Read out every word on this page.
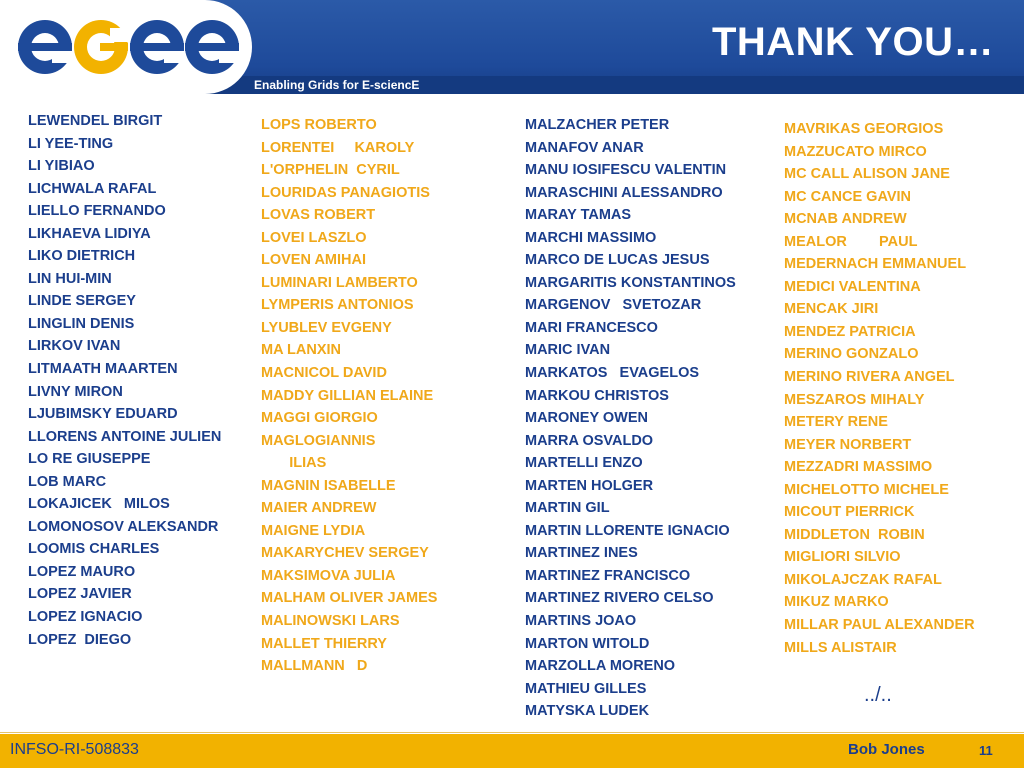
Enabling Grids for E-sciencE
THANK YOU…
LEWENDEL BIRGIT
LI YEE-TING
LI YIBIAO
LICHWALA RAFAL
LIELLO FERNANDO
LIKHAEVA LIDIYA
LIKO DIETRICH
LIN HUI-MIN
LINDE SERGEY
LINGLIN DENIS
LIRKOV IVAN
LITMAATH MAARTEN
LIVNY MIRON
LJUBIMSKY EDUARD
LLORENS ANTOINE JULIEN
LO RE GIUSEPPE
LOB MARC
LOKAJICEK   MILOS
LOMONOSOV ALEKSANDR
LOOMIS CHARLES
LOPEZ MAURO
LOPEZ JAVIER
LOPEZ IGNACIO
LOPEZ  DIEGO
LOPS ROBERTO
LORENTEI     KAROLY
L'ORPHELIN  CYRIL
LOURIDAS PANAGIOTIS
LOVAS ROBERT
LOVEI LASZLO
LOVEN AMIHAI
LUMINARI LAMBERTO
LYMPERIS ANTONIOS
LYUBLEV EVGENY
MA LANXIN
MACNICOL DAVID
MADDY GILLIAN ELAINE
MAGGI GIORGIO
MAGLOGIANNIS
ILIAS
MAGNIN ISABELLE
MAIER ANDREW
MAIGNE LYDIA
MAKARYCHEV SERGEY
MAKSIMOVA JULIA
MALHAM OLIVER JAMES
MALINOWSKI LARS
MALLET THIERRY
MALLMANN   D
MALZACHER PETER
MANAFOV ANAR
MANU IOSIFESCU VALENTIN
MARASCHINI ALESSANDRO
MARAY TAMAS
MARCHI MASSIMO
MARCO DE LUCAS JESUS
MARGARITIS KONSTANTINOS
MARGENOV   SVETOZAR
MARI FRANCESCO
MARIC IVAN
MARKATOS   EVAGELOS
MARKOU CHRISTOS
MARONEY OWEN
MARRA OSVALDO
MARTELLI ENZO
MARTEN HOLGER
MARTIN GIL
MARTIN LLORENTE IGNACIO
MARTINEZ INES
MARTINEZ FRANCISCO
MARTINEZ RIVERO CELSO
MARTINS JOAO
MARTON WITOLD
MARZOLLA MORENO
MATHIEU GILLES
MATYSKA LUDEK
MAVRIKAS GEORGIOS
MAZZUCATO MIRCO
MC CALL ALISON JANE
MC CANCE GAVIN
MCNAB ANDREW
MEALOR        PAUL
MEDERNACH EMMANUEL
MEDICI VALENTINA
MENCAK JIRI
MENDEZ PATRICIA
MERINO GONZALO
MERINO RIVERA ANGEL
MESZAROS MIHALY
METERY RENE
MEYER NORBERT
MEZZADRI MASSIMO
MICHELOTTO MICHELE
MICOUT PIERRICK
MIDDLETON  ROBIN
MIGLIORI SILVIO
MIKOLAJCZAK RAFAL
MIKUZ MARKO
MILLAR PAUL ALEXANDER
MILLS ALISTAIR
../..
INFSO-RI-508833	Bob Jones	11
